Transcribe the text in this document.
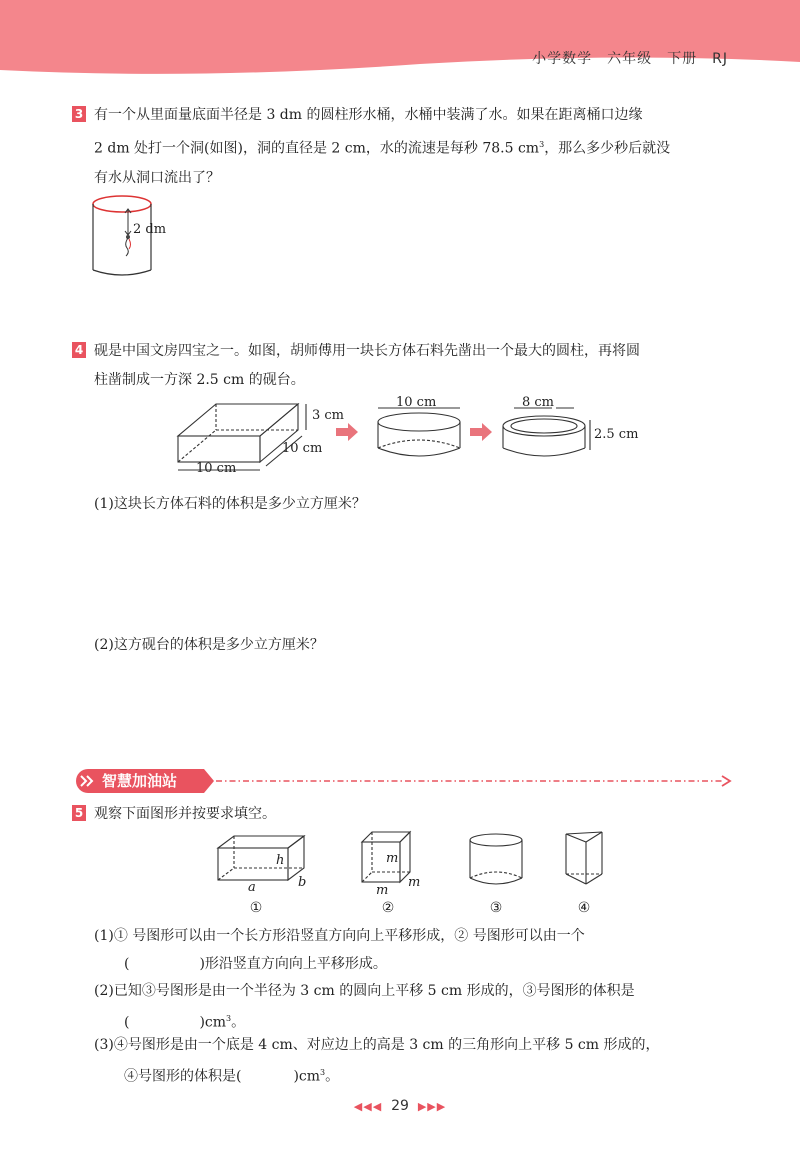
小学数学　六年级　下册　RJ
3 有一个从里面量底面半径是 3 dm 的圆柱形水桶，水桶中装满了水。如果在距离桶口边缘
2 dm 处打一个洞(如图)，洞的直径是 2 cm，水的流速是每秒 78.5 $cm^3$，那么多少秒后就没
有水从洞口流出了？
2 dm
4 砚是中国文房四宝之一。如图，胡师傅用一块长方体石料先凿出一个最大的圆柱，再将圆
柱凿制成一方深 2.5 cm 的砚台。
3 cm
10 cm
10 cm
10 cm	8 cm
2.5 cm
(1)这块长方体石料的体积是多少立方厘米？
(2)这方砚台的体积是多少立方厘米？
智慧加油站
5 观察下面图形并按要求填空。
h
a	b
m
m
m
①	②	③	④
(1)① 号图形可以由一个长方形沿竖直方向向上平移形成，② 号图形可以由一个
(	)形沿竖直方向向上平移形成。
(2)已知③号图形是由一个半径为 3 cm 的圆向上平移 5 cm 形成的，③号图形的体积是
(	)$cm^3$。
(3)④号图形是由一个底是 4 cm、对应边上的高是 3 cm 的三角形向上平移 5 cm 形成的，
④号图形的体积是(	)$cm^3$。
◀◀◀ 29 ▶▶▶
